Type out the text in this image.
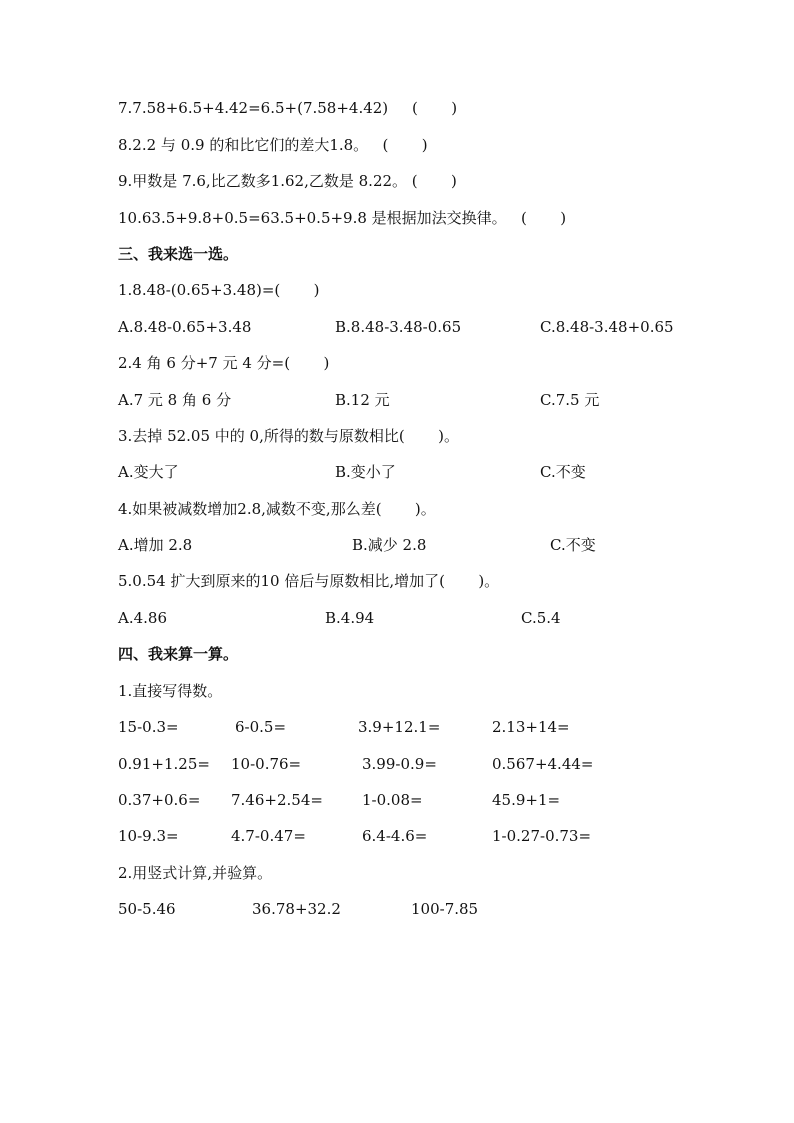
7.7.58+6.5+4.42=6.5+(7.58+4.42)     (       )
8.2.2 与 0.9 的和比它们的差大1.8。   (       )
9.甲数是 7.6,比乙数多1.62,乙数是 8.22。 (       )
10.63.5+9.8+0.5=63.5+0.5+9.8 是根据加法交换律。   (       )
三、我来选一选。
1.8.48-(0.65+3.48)=(       )
A.8.48-0.65+3.48	B.8.48-3.48-0.65	C.8.48-3.48+0.65
2.4 角 6 分+7 元 4 分=(       )
A.7 元 8 角 6 分	B.12 元	C.7.5 元
3.去掉 52.05 中的 0,所得的数与原数相比(       )。
A.变大了	B.变小了	C.不变
4.如果被减数增加2.8,减数不变,那么差(       )。
A.增加 2.8	B.减少 2.8	C.不变
5.0.54 扩大到原来的10 倍后与原数相比,增加了(       )。
A.4.86	B.4.94	C.5.4
四、我来算一算。
1.直接写得数。
15-0.3=	6-0.5=	3.9+12.1=	2.13+14=
0.91+1.25= 10-0.76=	3.99-0.9=	0.567+4.44=
0.37+0.6= 7.46+2.54=	1-0.08=	45.9+1=
10-9.3=	4.7-0.47=	6.4-4.6=	1-0.27-0.73=
2.用竖式计算,并验算。
50-5.46	36.78+32.2	100-7.85
